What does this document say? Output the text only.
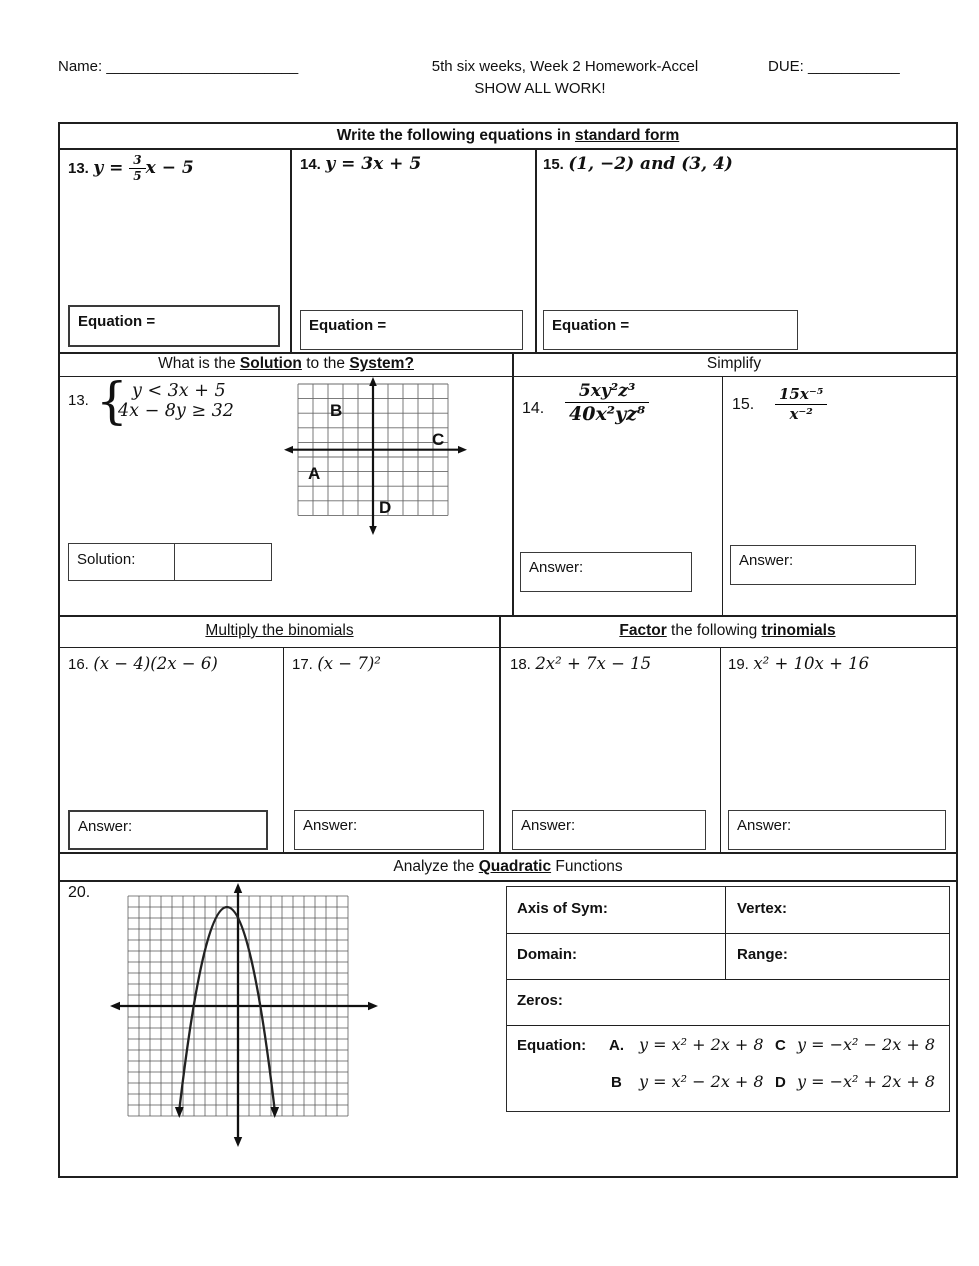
Name: _______________________	5th six weeks, Week 2 Homework-Accel	DUE: ___________
SHOW ALL WORK!
Write the following equations in standard form
13. $y = \frac{3}{5}$ x − 5	14. y = 3x + 5	15. (1, −2) and (3, 4)
Equation =	Equation =	Equation =
What is the Solution to the System?	Simplify
13. { y < 3x + 5
4x − 8y ≥ 32	B
C
A
D
Solution:
14. $\frac{\text{5xy²z³}}{\text{40x²yz⁸}}$
Answer:
15. $\frac{\text{15x⁻⁵}}{\text{x⁻²}}$
Answer:
Multiply the binomials	Factor the following trinomials
16. (x − 4)(2x − 6)	17. (x − 7)²	18. 2x² + 7x − 15	19. x² + 10x + 16
Answer:	Answer:	Answer:	Answer:
Analyze the Quadratic Functions
20.
Axis of Sym:	Vertex:
Domain:	Range:
Zeros:
Equation: A. y = x² + 2x + 8 C y = −x² − 2x + 8
B y = x² − 2x + 8 D y = −x² + 2x + 8
